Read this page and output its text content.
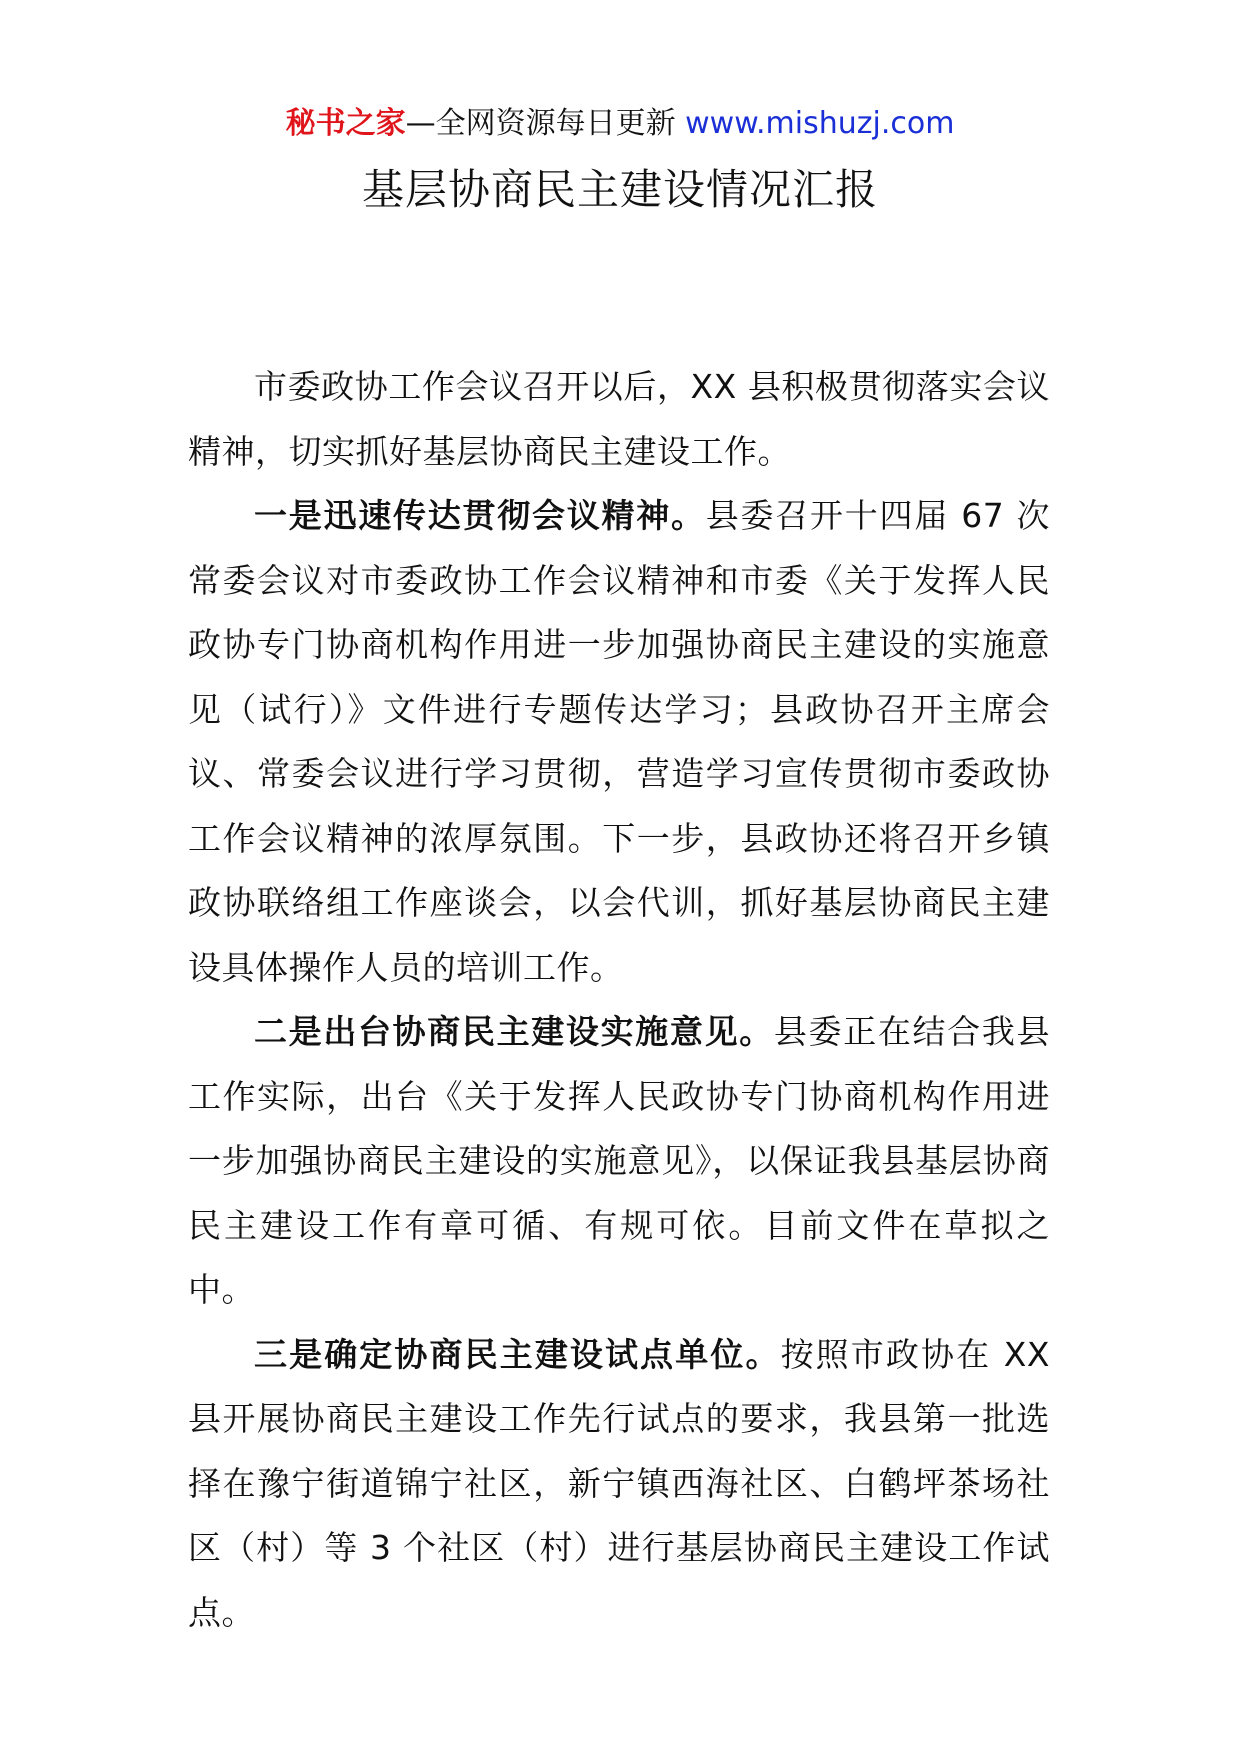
秘书之家—全网资源每日更新 www.mishuzj.com
基层协商民主建设情况汇报

市委政协工作会议召开以后，XX 县积极贯彻落实会议精神，切实抓好基层协商民主建设工作。

一是迅速传达贯彻会议精神。县委召开十四届 67 次常委会议对市委政协工作会议精神和市委《关于发挥人民政协专门协商机构作用进一步加强协商民主建设的实施意见（试行）》文件进行专题传达学习；县政协召开主席会议、常委会议进行学习贯彻，营造学习宣传贯彻市委政协工作会议精神的浓厚氛围。下一步，县政协还将召开乡镇政协联络组工作座谈会，以会代训，抓好基层协商民主建设具体操作人员的培训工作。

二是出台协商民主建设实施意见。县委正在结合我县工作实际，出台《关于发挥人民政协专门协商机构作用进一步加强协商民主建设的实施意见》，以保证我县基层协商民主建设工作有章可循、有规可依。目前文件在草拟之中。

三是确定协商民主建设试点单位。按照市政协在 XX 县开展协商民主建设工作先行试点的要求，我县第一批选择在豫宁街道锦宁社区，新宁镇西海社区、白鹤坪茶场社区（村）等 3 个社区（村）进行基层协商民主建设工作试点。
